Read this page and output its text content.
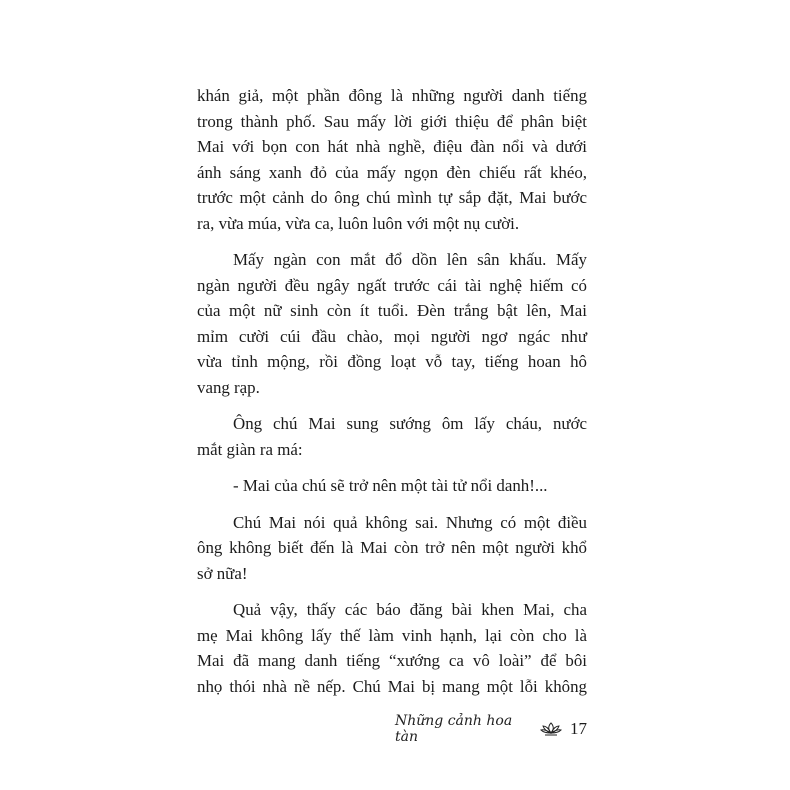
khán giả, một phần đông là những người danh tiếng
trong thành phố. Sau mấy lời giới thiệu để phân biệt
Mai với bọn con hát nhà nghề, điệu đàn nổi và dưới
ánh sáng xanh đỏ của mấy ngọn đèn chiếu rất khéo,
trước một cảnh do ông chú mình tự sắp đặt, Mai bước
ra, vừa múa, vừa ca, luôn luôn với một nụ cười.

Mấy ngàn con mắt đổ dồn lên sân khấu. Mấy
ngàn người đều ngây ngất trước cái tài nghệ hiếm có
của một nữ sinh còn ít tuổi. Đèn trắng bật lên, Mai
mỉm cười cúi đầu chào, mọi người ngơ ngác như
vừa tỉnh mộng, rồi đồng loạt vỗ tay, tiếng hoan hô
vang rạp.

Ông chú Mai sung sướng ôm lấy cháu, nước
mắt giàn ra má:

- Mai của chú sẽ trở nên một tài tử nổi danh!...

Chú Mai nói quả không sai. Nhưng có một điều
ông không biết đến là Mai còn trở nên một người khổ
sở nữa!

Quả vậy, thấy các báo đăng bài khen Mai, cha
mẹ Mai không lấy thế làm vinh hạnh, lại còn cho là
Mai đã mang danh tiếng “xướng ca vô loài” để bôi
nhọ thói nhà nề nếp. Chú Mai bị mang một lỗi không

Những cảnh hoa tàn	17
